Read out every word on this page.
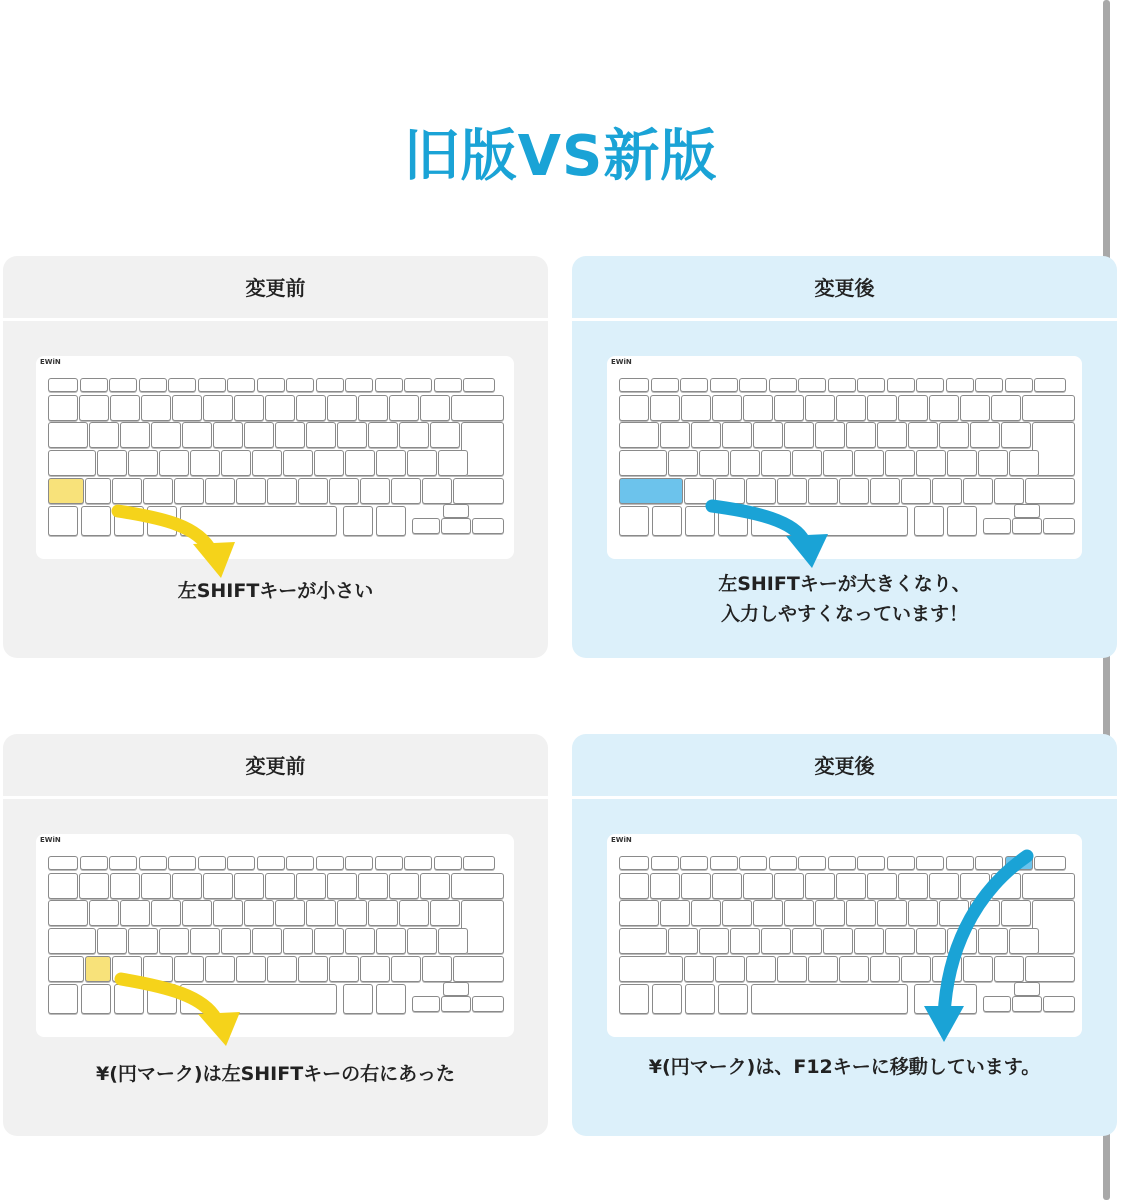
旧版VS新版
変更前
EWiN
左SHIFTキーが小さい
変更後
EWiN
左SHIFTキーが大きくなり、
入力しやすくなっています！
変更前
EWiN
¥(円マーク)は左SHIFTキーの右にあった
変更後
EWiN
¥(円マーク)は、F12キーに移動しています。
